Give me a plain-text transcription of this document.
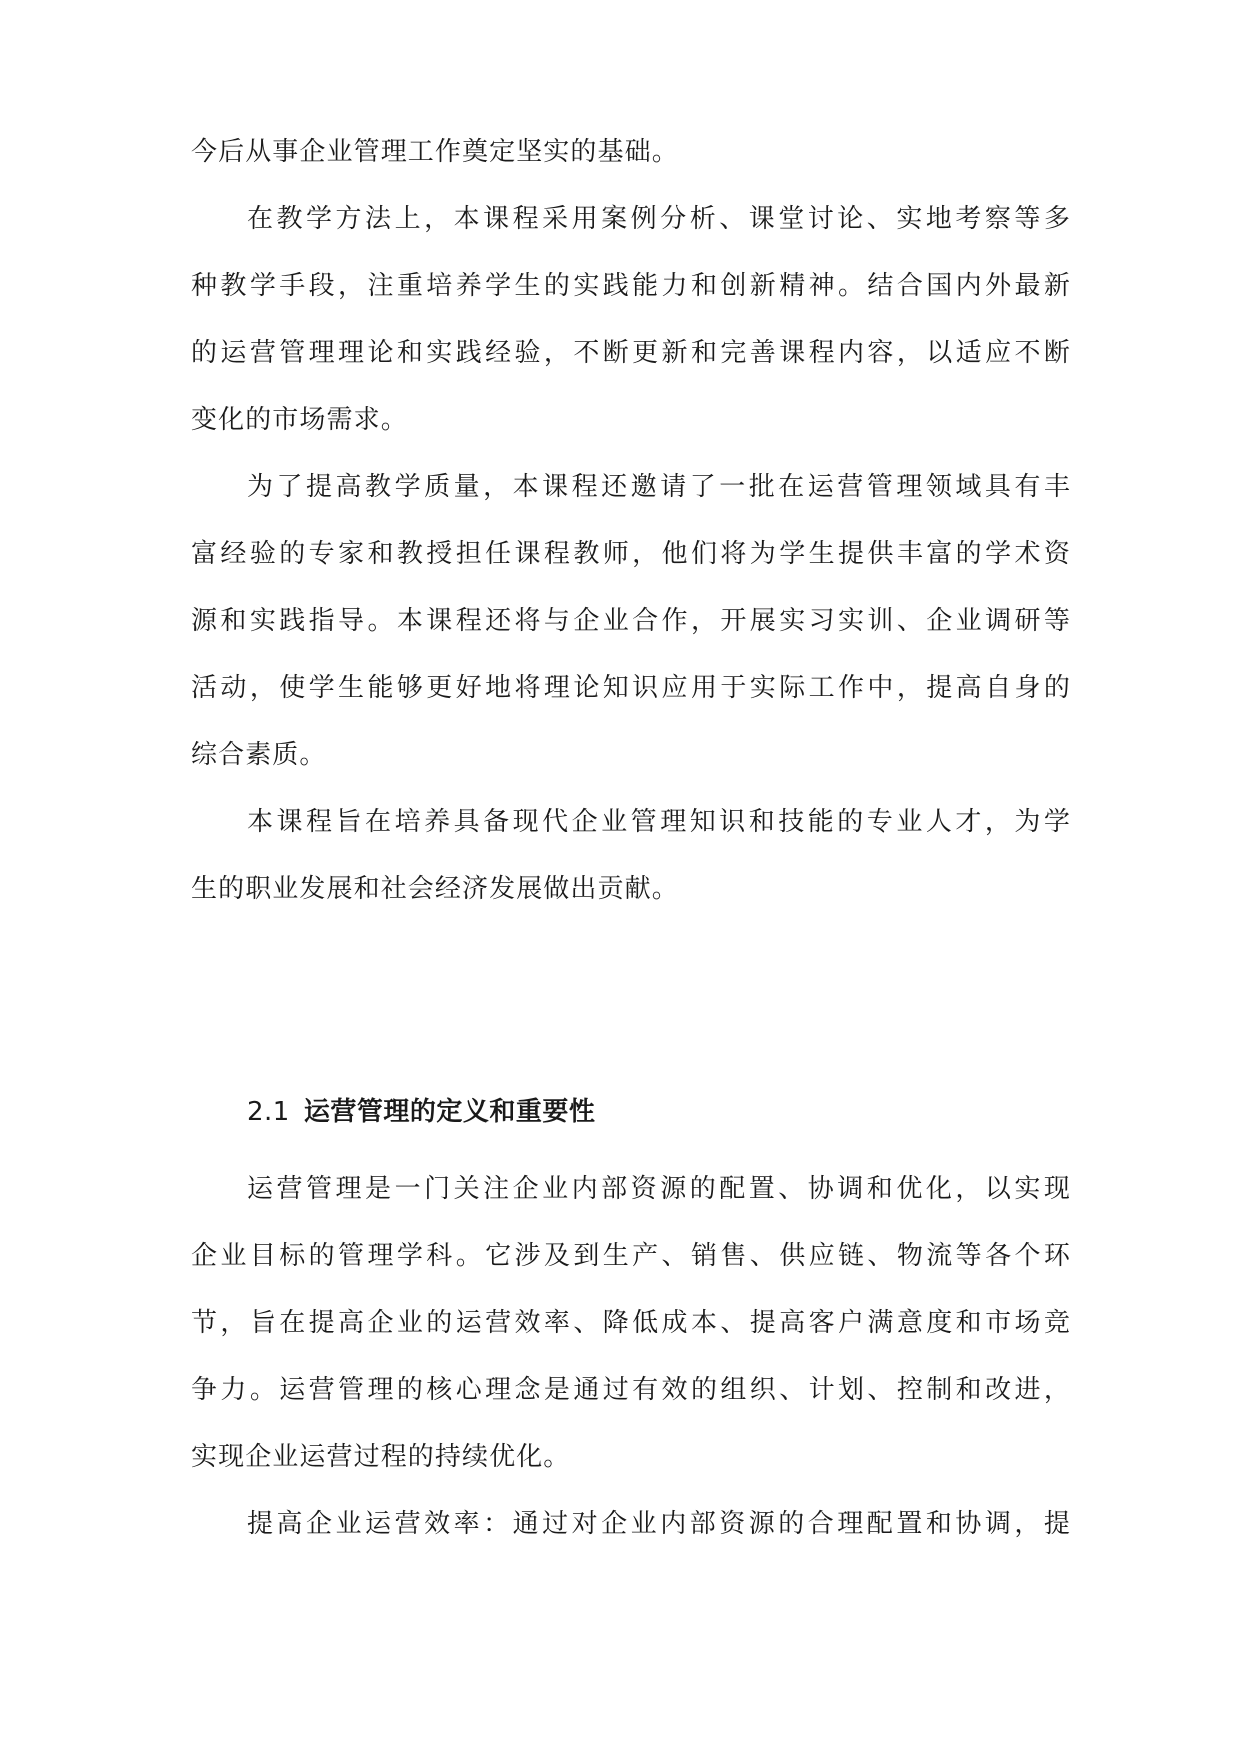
今后从事企业管理工作奠定坚实的基础。
在教学方法上，本课程采用案例分析、课堂讨论、实地考察等多
种教学手段，注重培养学生的实践能力和创新精神。结合国内外最新
的运营管理理论和实践经验，不断更新和完善课程内容，以适应不断
变化的市场需求。
为了提高教学质量，本课程还邀请了一批在运营管理领域具有丰
富经验的专家和教授担任课程教师，他们将为学生提供丰富的学术资
源和实践指导。本课程还将与企业合作，开展实习实训、企业调研等
活动，使学生能够更好地将理论知识应用于实际工作中，提高自身的
综合素质。
本课程旨在培养具备现代企业管理知识和技能的专业人才，为学
生的职业发展和社会经济发展做出贡献。
2.1 运营管理的定义和重要性
运营管理是一门关注企业内部资源的配置、协调和优化，以实现
企业目标的管理学科。它涉及到生产、销售、供应链、物流等各个环
节，旨在提高企业的运营效率、降低成本、提高客户满意度和市场竞
争力。运营管理的核心理念是通过有效的组织、计划、控制和改进，
实现企业运营过程的持续优化。
提高企业运营效率：通过对企业内部资源的合理配置和协调，提
